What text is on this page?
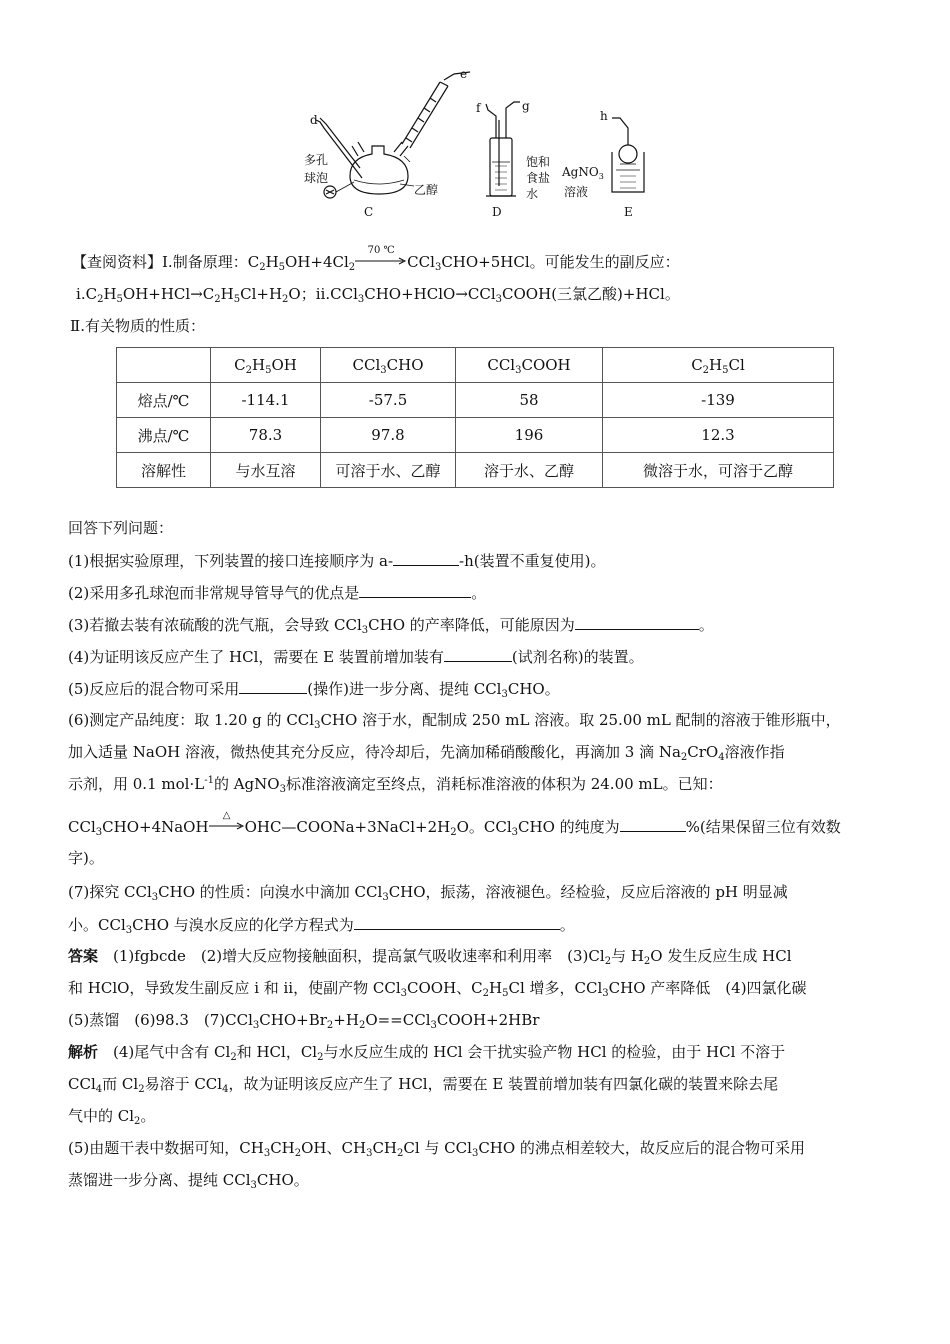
d
e
f	g
h
多孔
球泡
乙醇
饱和
食盐
水
AgNO$_3$
溶液
C	D	E
【查阅资料】Ⅰ.制备原理：$C_2H_5OH+4Cl_2$
70 ℃
CCl$_3$CHO+5HCl。可能发生的副反应：
$ⅰ.C_2H_5OH+HCl\to C_2H_5Cl+H_2O$；ⅱ.CCl$_3$CHO+HClO→CCl$_3$COOH(三氯乙酸)+HCl。
Ⅱ.有关物质的性质：
	$C_2H_5OH$	CCl$_3$CHO	CCl$_3$COOH	$C_2H_5Cl$
熔点/℃	-114.1	-57.5	58	-139
沸点/℃	78.3	97.8	196	12.3
溶解性	与水互溶	可溶于水、乙醇	溶于水、乙醇	微溶于水，可溶于乙醇
回答下列问题：
(1)根据实验原理，下列装置的接口连接顺序为 a-	-h(装置不重复使用)。
(2)采用多孔球泡而非常规导管导气的优点是	。
(3)若撤去装有浓硫酸的洗气瓶，会导致 CCl$_3$CHO 的产率降低，可能原因为	。
(4)为证明该反应产生了 HCl，需要在 E 装置前增加装有	(试剂名称)的装置。
(5)反应后的混合物可采用	(操作)进一步分离、提纯 CCl$_3$CHO。
(6)测定产品纯度：取 1.20 g 的 CCl$_3$CHO 溶于水，配制成 250 mL 溶液。取 25.00 mL 配制的溶液于锥形瓶中，
加入适量 NaOH 溶液，微热使其充分反应，待冷却后，先滴加稀硝酸酸化，再滴加 3 滴 $Na_2CrO_4$溶液作指
示剂，用 0.1 $mol\cdot L^{-1}$的 AgNO$_3$标准溶液滴定至终点，消耗标准溶液的体积为 24.00 mL。已知：
CCl$_3$CHO+4NaOH
△
$OHC—COONa+3NaCl+2H_2O$。CCl$_3$CHO 的纯度为	%(结果保留三位有效数
字)。
(7)探究 CCl$_3$CHO 的性质：向溴水中滴加 CCl$_3$CHO，振荡，溶液褪色。经检验，反应后溶液的 pH 明显减
小。CCl$_3$CHO 与溴水反应的化学方程式为	。
答案　 (1)fgbcde　(2)增大反应物接触面积，提高氯气吸收速率和利用率　$(3)Cl_2$与 $H_2O$ 发生反应生成 HCl
和 HClO，导致发生副反应 ⅰ 和 ⅱ，使副产物 CCl$_3$COOH、$C_2H_5Cl$ 增多，CCl$_3$CHO 产率降低　(4)四氯化碳
(5)蒸馏　(6)98.3　$(7)CCl_3CHO+Br_2+H_2O==CCl_3COOH+2HBr$
解析　 (4)尾气中含有 $Cl_2$和 HCl，$Cl_2$与水反应生成的 HCl 会干扰实验产物 HCl 的检验，由于 HCl 不溶于
CCl$_4$而 $Cl_2$易溶于 CCl$_4$，故为证明该反应产生了 HCl，需要在 E 装置前增加装有四氯化碳的装置来除去尾
气中的 $Cl_2$。
(5)由题干表中数据可知，$CH_3CH_2OH$、$CH_3CH_2Cl$ 与 CCl$_3$CHO 的沸点相差较大，故反应后的混合物可采用
蒸馏进一步分离、提纯 CCl$_3$CHO。
